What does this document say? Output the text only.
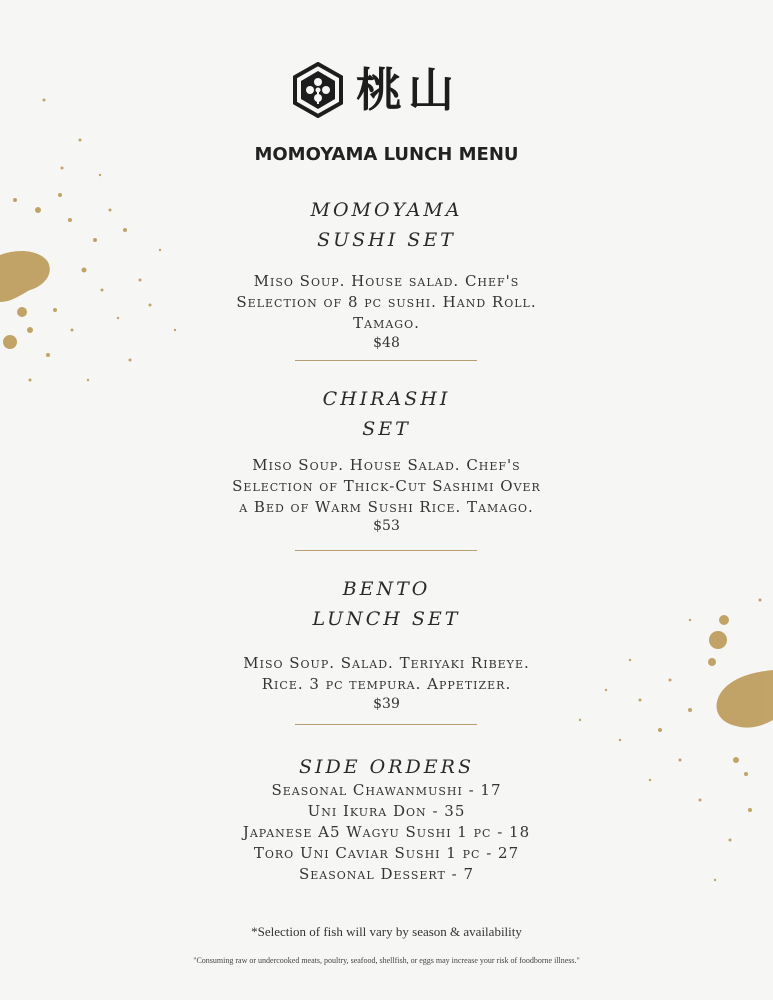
桃山
MOMOYAMA LUNCH MENU
MOMOYAMA
SUSHI SET
Miso Soup. House salad. Chef's
Selection of 8 pc sushi. Hand Roll.
Tamago.
$48
CHIRASHI
SET
Miso Soup. House Salad. Chef's
Selection of Thick-Cut Sashimi Over
a Bed of Warm Sushi Rice. Tamago.
$53
BENTO
LUNCH SET
Miso Soup. Salad. Teriyaki Ribeye.
Rice. 3 pc tempura. Appetizer.
$39
SIDE ORDERS
Seasonal Chawanmushi - 17
Uni Ikura Don - 35
Japanese A5 Wagyu Sushi 1 pc - 18
Toro Uni Caviar Sushi 1 pc - 27
Seasonal Dessert - 7
*Selection of fish will vary by season & availability
"Consuming raw or undercooked meats, poultry, seafood, shellfish, or eggs may increase your risk of foodborne illness."
